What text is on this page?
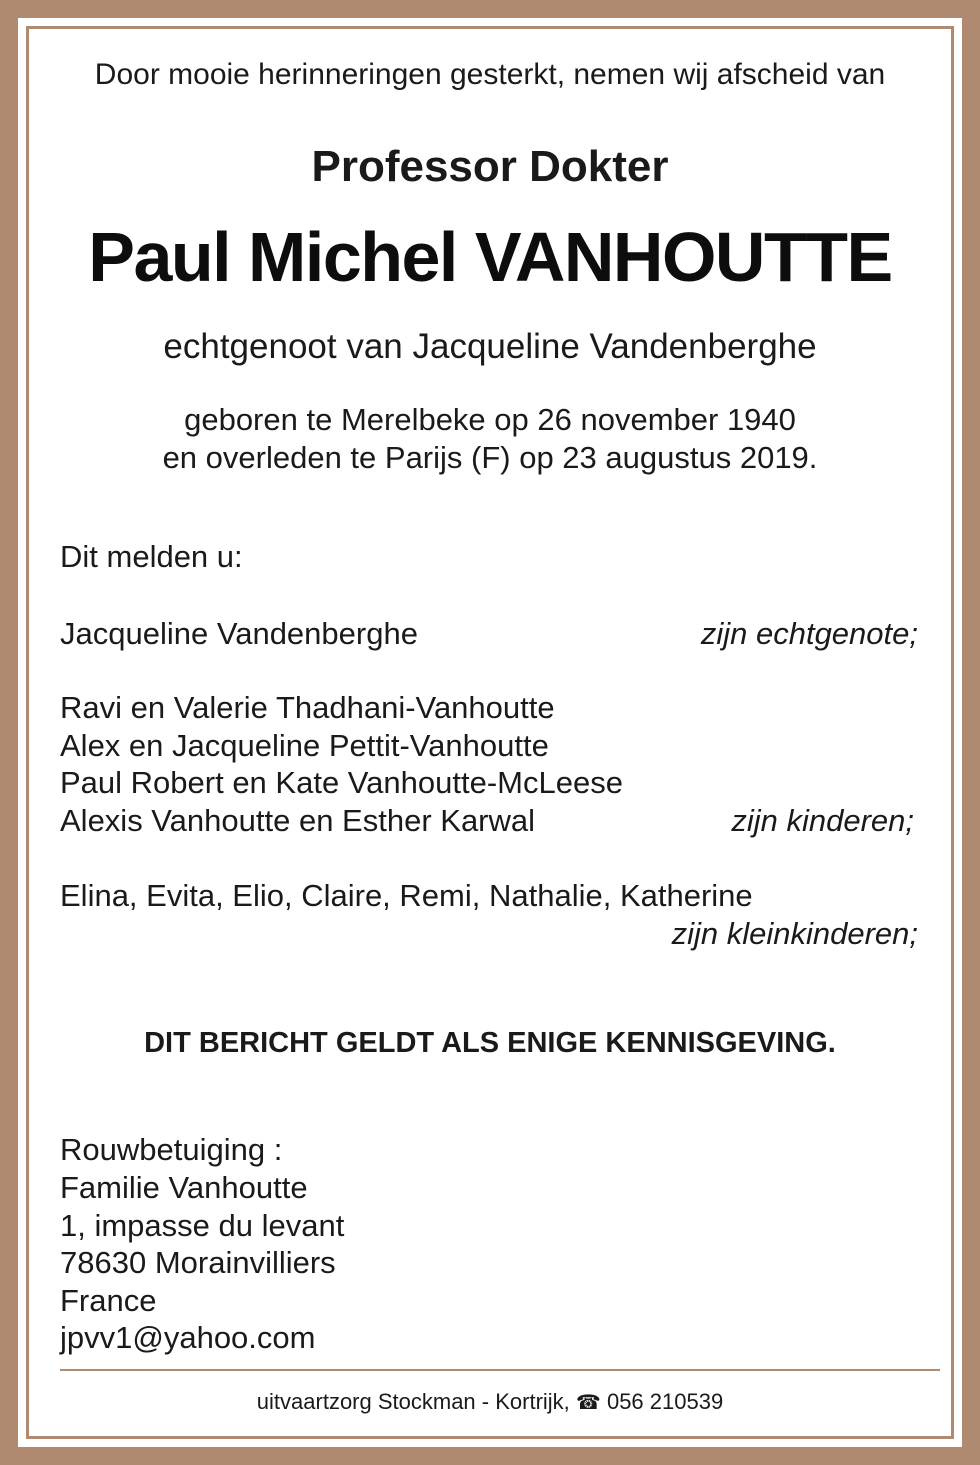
Door mooie herinneringen gesterkt, nemen wij afscheid van

Professor Dokter

Paul Michel VANHOUTTE

echtgenoot van Jacqueline Vandenberghe

geboren te Merelbeke op 26 november 1940

en overleden te Parijs (F) op 23 augustus 2019.

Dit melden u:

Jacqueline Vandenberghe	zijn echtgenote;

Ravi en Valerie Thadhani-Vanhoutte

Alex en Jacqueline Pettit-Vanhoutte

Paul Robert en Kate Vanhoutte-McLeese

Alexis Vanhoutte en Esther Karwal	zijn kinderen;

Elina, Evita, Elio, Claire, Remi, Nathalie, Katherine

zijn kleinkinderen;

DIT BERICHT GELDT ALS ENIGE KENNISGEVING.

Rouwbetuiging :

Familie Vanhoutte

1, impasse du levant

78630 Morainvilliers

France

jpvv1@yahoo.com

uitvaartzorg Stockman - Kortrijk, ☎ 056 210539
